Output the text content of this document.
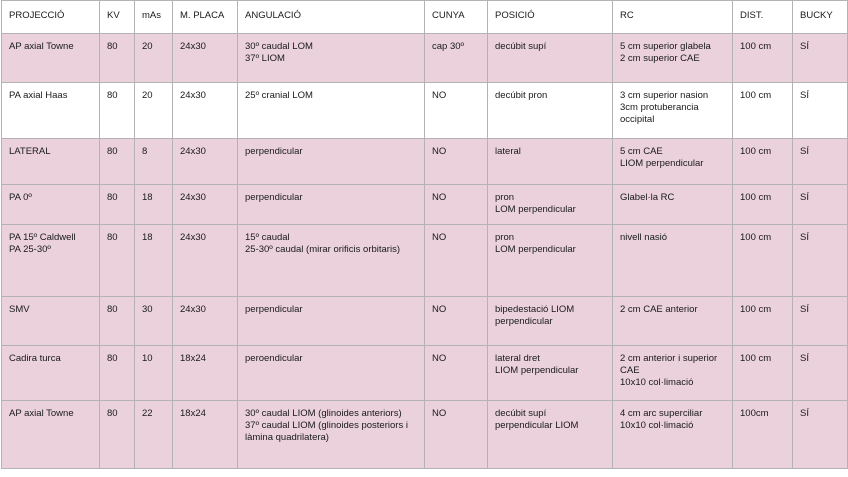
PROJECCIÓ	KV	mAs	M. PLACA	ANGULACIÓ	CUNYA	POSICIÓ	RC	DIST.	BUCKY

AP axial Towne	80	20	24x30	30º caudal LOM
37º LIOM	cap 30º	decúbit supí	5 cm superior glabela
2 cm superior CAE	100 cm	SÍ

PA axial Haas	80	20	24x30	25º cranial LOM	NO	decúbit pron	3 cm superior nasion
3cm protuberancia occipital	100 cm	SÍ

LATERAL	80	8	24x30	perpendicular	NO	lateral	5 cm CAE
LIOM perpendicular	100 cm	SÍ

PA 0º	80	18	24x30	perpendicular	NO	pron
LOM perpendicular	Glabel·la RC	100 cm	SÍ

PA 15º Caldwell
PA 25-30º	80	18	24x30	15º caudal
25-30º caudal (mirar orificis orbitaris)	NO	pron
LOM perpendicular	nivell nasió	100 cm	SÍ

SMV	80	30	24x30	perpendicular	NO	bipedestació LIOM perpendicular	2 cm CAE anterior	100 cm	SÍ

Cadira turca	80	10	18x24	peroendicular	NO	lateral dret
LIOM perpendicular	2 cm anterior i superior CAE
10x10 col·limació	100 cm	SÍ

AP axial Towne	80	22	18x24	30º caudal LIOM (glinoides anteriors)
37º caudal LIOM (glinoides posteriors i làmina quadrilatera)	NO	decúbit supí perpendicular LIOM	4 cm arc superciliar
10x10 col·limació	100cm	SÍ
